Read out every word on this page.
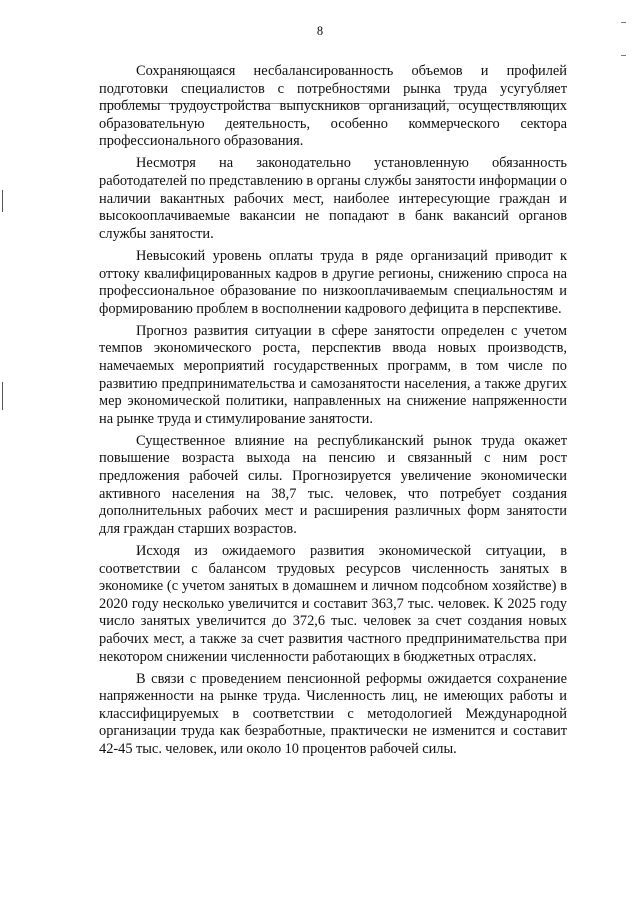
8

Сохраняющаяся несбалансированность объемов и профилей подготовки специалистов с потребностями рынка труда усугубляет проблемы трудоустройства выпускников организаций, осуществляющих образовательную деятельность, особенно коммерческого сектора профессионального образования.

Несмотря на законодательно установленную обязанность работодателей по представлению в органы службы занятости информации о наличии вакантных рабочих мест, наиболее интересующие граждан и высокооплачиваемые вакансии не попадают в банк вакансий органов службы занятости.

Невысокий уровень оплаты труда в ряде организаций приводит к оттоку квалифицированных кадров в другие регионы, снижению спроса на профессиональное образование по низкооплачиваемым специальностям и формированию проблем в восполнении кадрового дефицита в перспективе.

Прогноз развития ситуации в сфере занятости определен с учетом темпов экономического роста, перспектив ввода новых производств, намечаемых мероприятий государственных программ, в том числе по развитию предпринимательства и самозанятости населения, а также других мер экономической политики, направленных на снижение напряженности на рынке труда и стимулирование занятости.

Существенное влияние на республиканский рынок труда окажет повышение возраста выхода на пенсию и связанный с ним рост предложения рабочей силы. Прогнозируется увеличение экономически активного населения на 38,7 тыс. человек, что потребует создания дополнительных рабочих мест и расширения различных форм занятости для граждан старших возрастов.

Исходя из ожидаемого развития экономической ситуации, в соответствии с балансом трудовых ресурсов численность занятых в экономике (с учетом занятых в домашнем и личном подсобном хозяйстве) в 2020 году несколько увеличится и составит 363,7 тыс. человек. К 2025 году число занятых увеличится до 372,6 тыс. человек за счет создания новых рабочих мест, а также за счет развития частного предпринимательства при некотором снижении численности работающих в бюджетных отраслях.

В связи с проведением пенсионной реформы ожидается сохранение напряженности на рынке труда. Численность лиц, не имеющих работы и классифицируемых в соответствии с методологией Международной организации труда как безработные, практически не изменится и составит 42-45 тыс. человек, или около 10 процентов рабочей силы.
